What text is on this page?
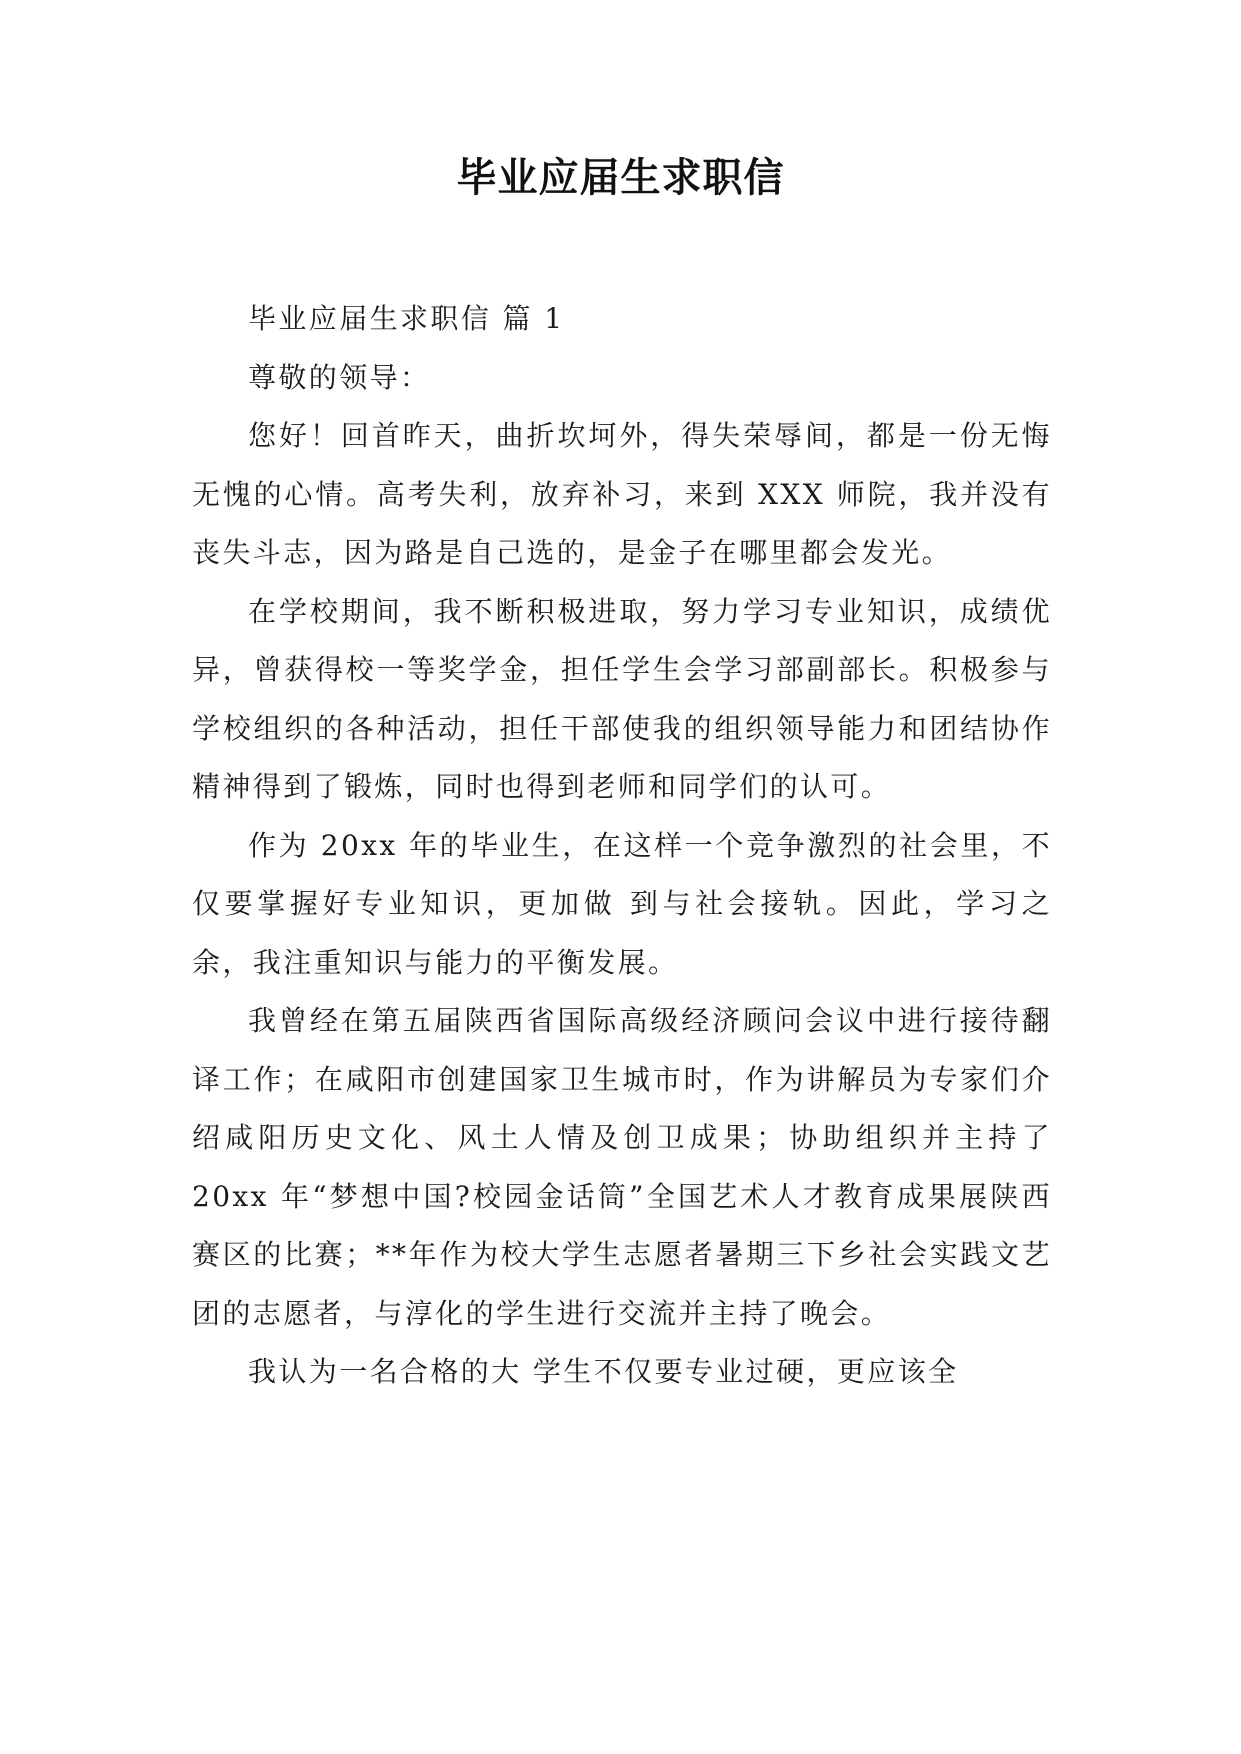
毕业应届生求职信

毕业应届生求职信 篇 1

尊敬的领导：

您好！回首昨天，曲折坎坷外，得失荣辱间，都是一份无悔无愧的心情。高考失利，放弃补习，来到 XXX 师院，我并没有丧失斗志，因为路是自己选的，是金子在哪里都会发光。

在学校期间，我不断积极进取，努力学习专业知识，成绩优异，曾获得校一等奖学金，担任学生会学习部副部长。积极参与学校组织的各种活动，担任干部使我的组织领导能力和团结协作精神得到了锻炼，同时也得到老师和同学们的认可。

作为 20xx 年的毕业生，在这样一个竞争激烈的社会里，不仅要掌握好专业知识，更加做 到与社会接轨。因此，学习之余，我注重知识与能力的平衡发展。

我曾经在第五届陕西省国际高级经济顾问会议中进行接待翻译工作；在咸阳市创建国家卫生城市时，作为讲解员为专家们介绍咸阳历史文化、风土人情及创卫成果；协助组织并主持了 20xx 年“梦想中国?校园金话筒”全国艺术人才教育成果展陕西赛区的比赛；**年作为校大学生志愿者暑期三下乡社会实践文艺团的志愿者，与淳化的学生进行交流并主持了晚会。

我认为一名合格的大 学生不仅要专业过硬，更应该全
